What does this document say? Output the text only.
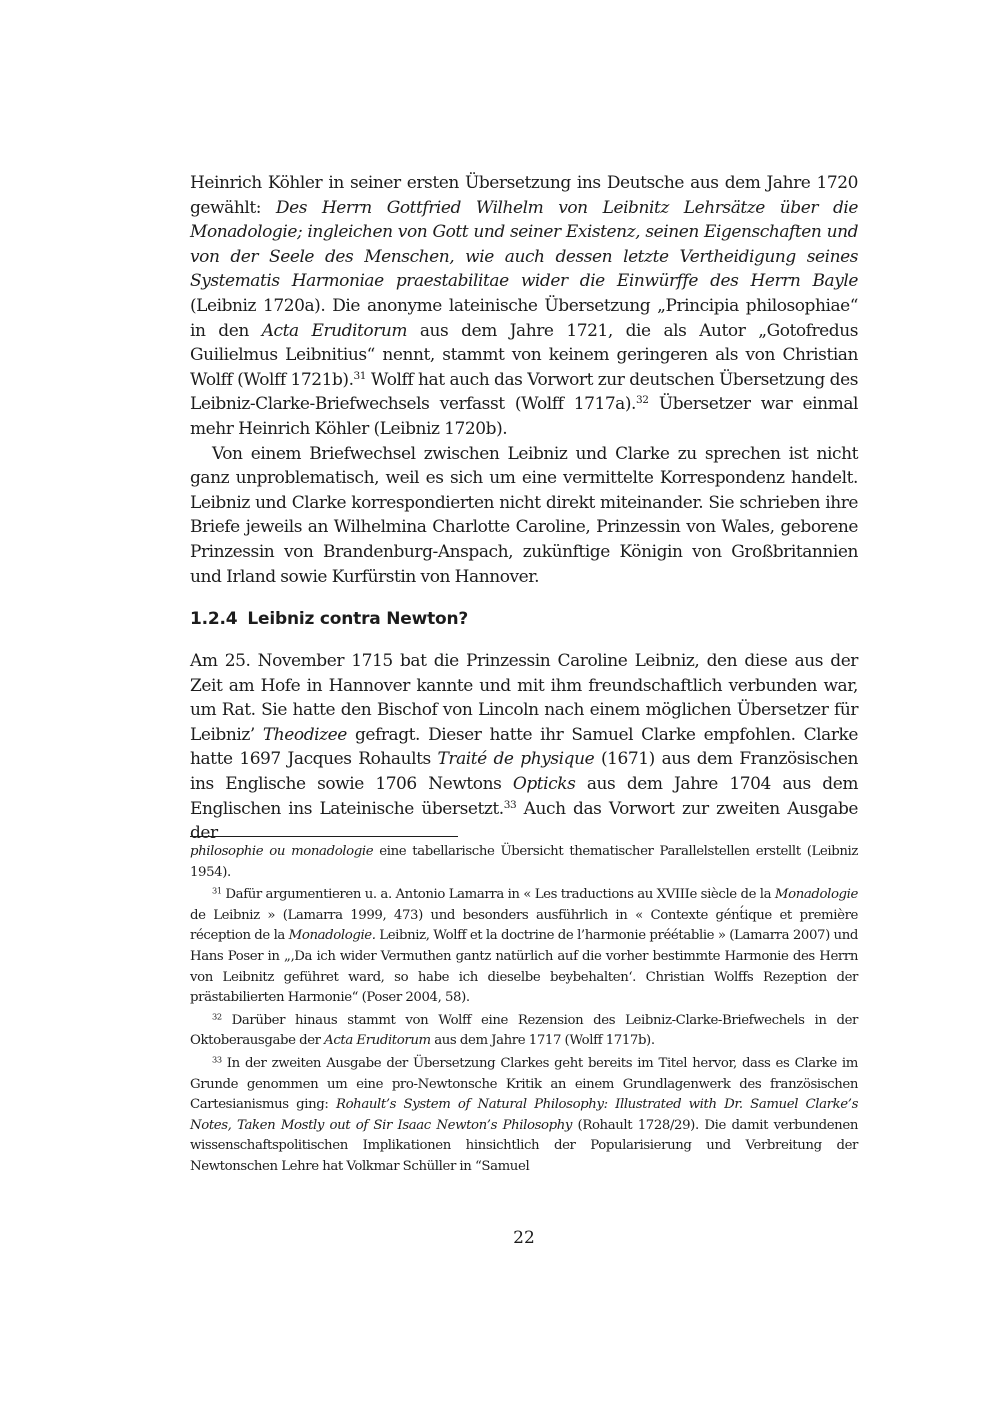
Heinrich Köhler in seiner ersten Übersetzung ins Deutsche aus dem Jahre 1720 gewählt: Des Herrn Gottfried Wilhelm von Leibnitz Lehrsätze über die Monadologie; ingleichen von Gott und seiner Existenz, seinen Eigenschaften und von der Seele des Menschen, wie auch dessen letzte Vertheidigung seines Systematis Harmoniae praestabilitae wider die Einwürffe des Herrn Bayle (Leibniz 1720a). Die anonyme lateinische Übersetzung „Principia philosophiae“ in den Acta Eruditorum aus dem Jahre 1721, die als Autor „Gotofredus Guilielmus Leibnitius“ nennt, stammt von keinem geringeren als von Christian Wolff (Wolff 1721b).$^{31}$ Wolff hat auch das Vorwort zur deutschen Übersetzung des Leibniz-Clarke-Briefwechsels verfasst (Wolff 1717a).$^{32}$ Übersetzer war einmal mehr Heinrich Köhler (Leibniz 1720b).

Von einem Briefwechsel zwischen Leibniz und Clarke zu sprechen ist nicht ganz unproblematisch, weil es sich um eine vermittelte Korrespondenz handelt. Leibniz und Clarke korrespondierten nicht direkt miteinander. Sie schrieben ihre Briefe jeweils an Wilhelmina Charlotte Caroline, Prinzessin von Wales, geborene Prinzessin von Brandenburg-Anspach, zukünftige Königin von Großbritannien und Irland sowie Kurfürstin von Hannover.

1.2.4 Leibniz contra Newton?

Am 25. November 1715 bat die Prinzessin Caroline Leibniz, den diese aus der Zeit am Hofe in Hannover kannte und mit ihm freundschaftlich verbunden war, um Rat. Sie hatte den Bischof von Lincoln nach einem möglichen Übersetzer für Leibniz’ Theodizee gefragt. Dieser hatte ihr Samuel Clarke empfohlen. Clarke hatte 1697 Jacques Rohaults Traité de physique (1671) aus dem Französischen ins Englische sowie 1706 Newtons Opticks aus dem Jahre 1704 aus dem Englischen ins Lateinische übersetzt.$^{33}$ Auch das Vorwort zur zweiten Ausgabe der

philosophie ou monadologie eine tabellarische Übersicht thematischer Parallelstellen erstellt (Leibniz 1954).

$^{31}$ Dafür argumentieren u. a. Antonio Lamarra in « Les traductions au XVIIIe siècle de la Monadologie de Leibniz » (Lamarra 1999, 473) und besonders ausführlich in « Contexte gént́ique et première réception de la Monadologie. Leibniz, Wolff et la doctrine de l’harmonie préétablie » (Lamarra 2007) und Hans Poser in „‚Da ich wider Vermuthen gantz natürlich auf die vorher bestimmte Harmonie des Herrn von Leibnitz geführet ward, so habe ich dieselbe beybehalten‘. Christian Wolffs Rezeption der prästabilierten Harmonie“ (Poser 2004, 58).

$^{32}$ Darüber hinaus stammt von Wolff eine Rezension des Leibniz-Clarke-Briefwechels in der Oktoberausgabe der Acta Eruditorum aus dem Jahre 1717 (Wolff 1717b).

$^{33}$ In der zweiten Ausgabe der Übersetzung Clarkes geht bereits im Titel hervor, dass es Clarke im Grunde genommen um eine pro-Newtonsche Kritik an einem Grundlagenwerk des französischen Cartesianismus ging: Rohault’s System of Natural Philosophy: Illustrated with Dr. Samuel Clarke’s Notes, Taken Mostly out of Sir Isaac Newton’s Philosophy (Rohault 1728/29). Die damit verbundenen wissenschaftspolitischen Implikationen hinsichtlich der Popularisierung und Verbreitung der Newtonschen Lehre hat Volkmar Schüller in “Samuel

22
